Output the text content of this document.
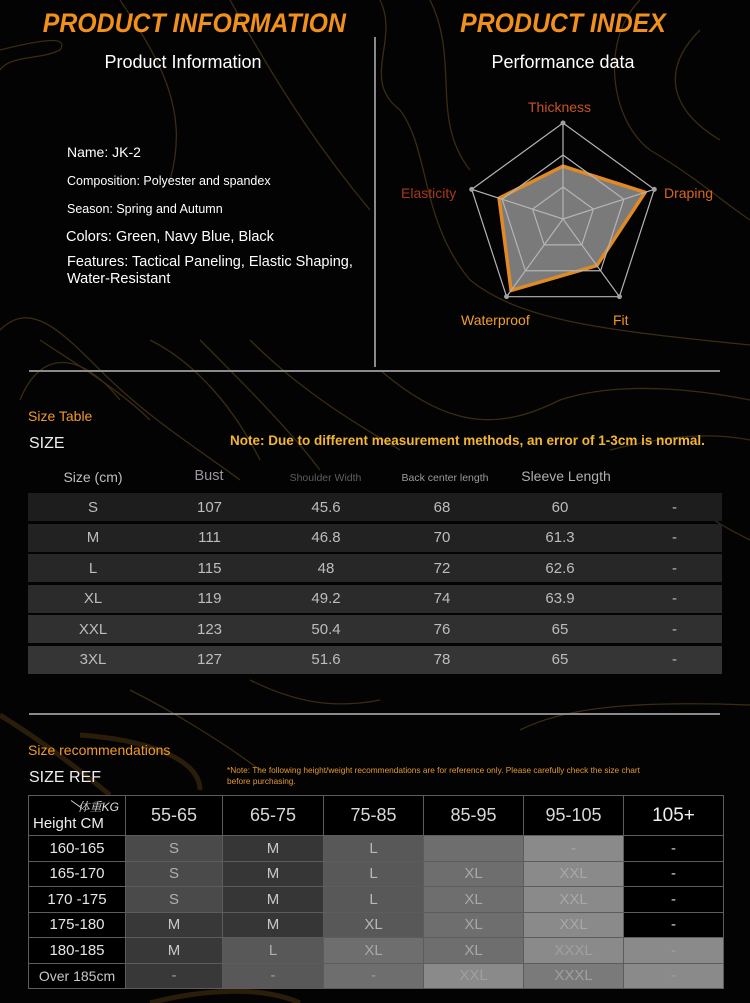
PRODUCT INFORMATION
Product Information
Name: JK-2
Composition: Polyester and spandex
Season: Spring and Autumn
Colors: Green, Navy Blue, Black
Features: Tactical Paneling, Elastic Shaping,
Water-Resistant
PRODUCT INDEX
Performance data
Thickness
Draping
Fit
Waterproof
Elasticity
Size Table
SIZE	Note: Due to different measurement methods, an error of 1-3cm is normal.
Size (cm)	Bust	Shoulder Width	Back center length	Sleeve Length
S	107	45.6	68	60	-
M	111	46.8	70	61.3	-
L	115	48	72	62.6	-
XL	119	49.2	74	63.9	-
XXL	123	50.4	76	65	-
3XL	127	51.6	78	65	-
Size recommendations
SIZE REF	*Note: The following height/weight recommendations are for reference only. Please carefully check the size chart
before purchasing.
体重KG
Height CM	55-65	65-75	75-85	85-95	95-105	105+
160-165	S	M	L		-	-
165-170	S	M	L	XL	XXL	-
170 -175	S	M	L	XL	XXL	-
175-180	M	M	XL	XL	XXL	-
180-185	M	L	XL	XL	XXXL	-
Over 185cm	-	-	-	XXL	XXXL	-
